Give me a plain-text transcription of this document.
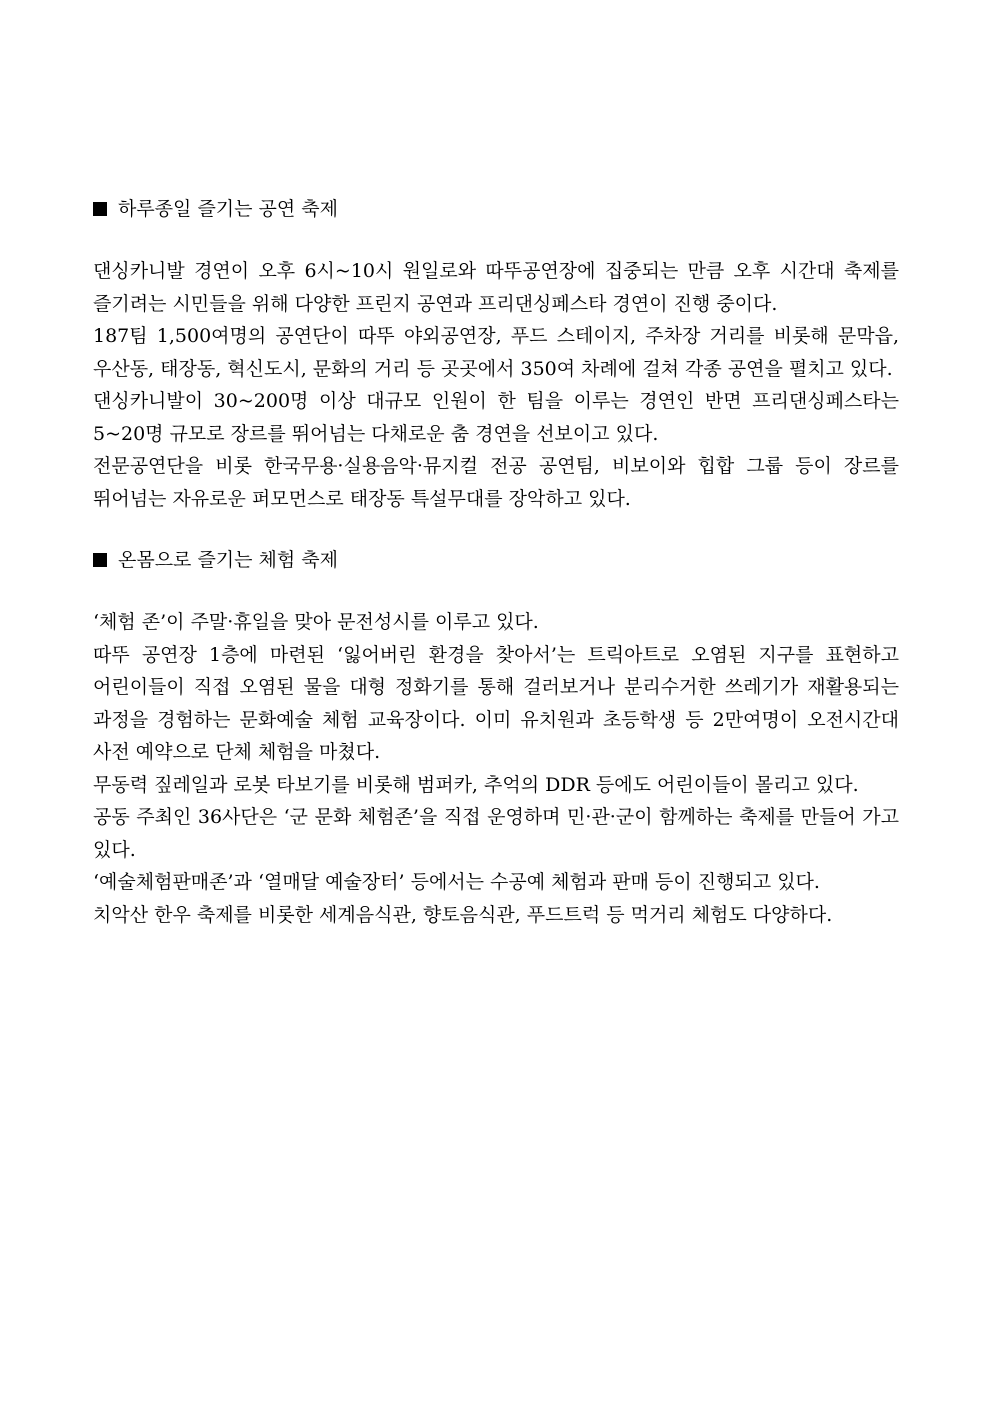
하루종일 즐기는 공연 축제

댄싱카니발 경연이 오후 6시~10시 원일로와 따뚜공연장에 집중되는 만큼 오후 시간대 축제를 즐기려는 시민들을 위해 다양한 프린지 공연과 프리댄싱페스타 경연이 진행 중이다.

187팀 1,500여명의 공연단이 따뚜 야외공연장, 푸드 스테이지, 주차장 거리를 비롯해 문막읍, 우산동, 태장동, 혁신도시, 문화의 거리 등 곳곳에서 350여 차례에 걸쳐 각종 공연을 펼치고 있다.

댄싱카니발이 30~200명 이상 대규모 인원이 한 팀을 이루는 경연인 반면 프리댄싱페스타는 5~20명 규모로 장르를 뛰어넘는 다채로운 춤 경연을 선보이고 있다.

전문공연단을 비롯 한국무용·실용음악·뮤지컬 전공 공연팀, 비보이와 힙합 그룹 등이 장르를 뛰어넘는 자유로운 퍼모먼스로 태장동 특설무대를 장악하고 있다.

온몸으로 즐기는 체험 축제

‘체험 존’이 주말·휴일을 맞아 문전성시를 이루고 있다.

따뚜 공연장 1층에 마련된 ‘잃어버린 환경을 찾아서’는 트릭아트로 오염된 지구를 표현하고 어린이들이 직접 오염된 물을 대형 정화기를 통해 걸러보거나 분리수거한 쓰레기가 재활용되는 과정을 경험하는 문화예술 체험 교육장이다. 이미 유치원과 초등학생 등 2만여명이 오전시간대 사전 예약으로 단체 체험을 마쳤다.

무동력 짚레일과 로봇 타보기를 비롯해 범퍼카, 추억의 DDR 등에도 어린이들이 몰리고 있다.

공동 주최인 36사단은 ‘군 문화 체험존’을 직접 운영하며 민·관·군이 함께하는 축제를 만들어 가고 있다.

‘예술체험판매존’과 ‘열매달 예술장터’ 등에서는 수공예 체험과 판매 등이 진행되고 있다.

치악산 한우 축제를 비롯한 세계음식관, 향토음식관, 푸드트럭 등 먹거리 체험도 다양하다.
